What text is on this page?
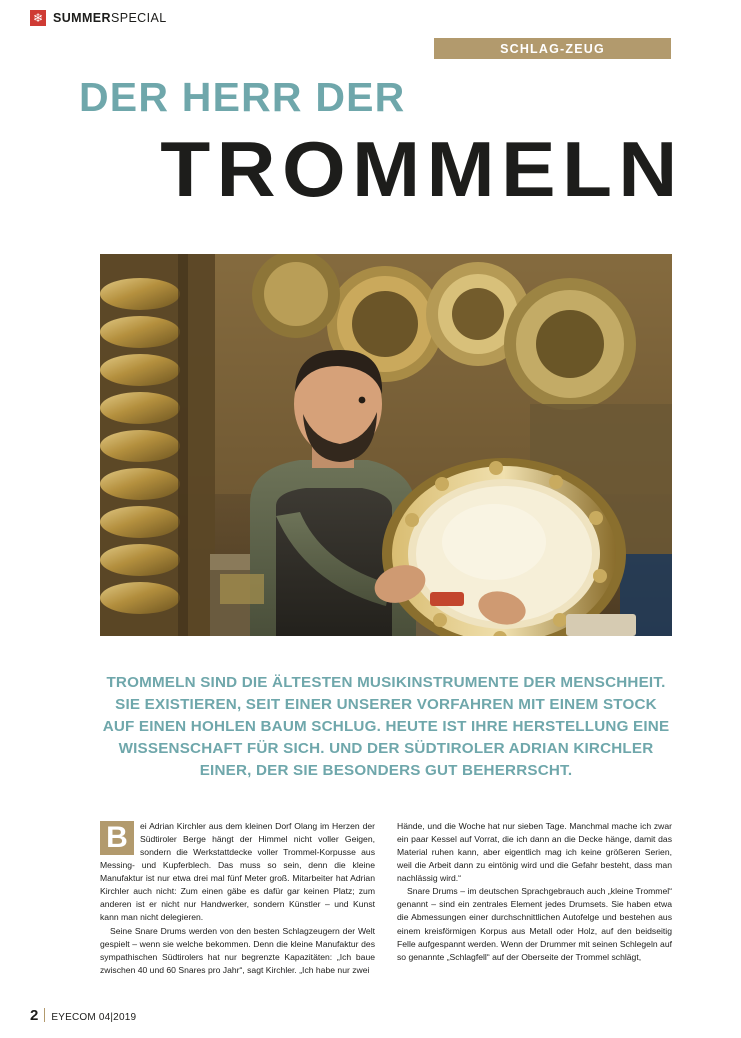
❄ SUMMERSPECIAL
SCHLAG-ZEUG
DER HERR DER
TROMMELN
TROMMELN SIND DIE ÄLTESTEN MUSIKINSTRUMENTE DER MENSCHHEIT. SIE EXISTIEREN, SEIT EINER UNSERER VORFAHREN MIT EINEM STOCK AUF EINEN HOHLEN BAUM SCHLUG. HEUTE IST IHRE HERSTELLUNG EINE WISSENSCHAFT FÜR SICH. UND DER SÜDTIROLER ADRIAN KIRCHLER EINER, DER SIE BESONDERS GUT BEHERRSCHT.
B	ei Adrian Kirchler aus dem kleinen Dorf Olang im Herzen der Südtiroler Berge hängt der Himmel nicht voller Geigen, sondern die Werkstattdecke voller Trommel-Korpusse aus Messing- und Kupferblech. Das muss so sein, denn die kleine Manufaktur ist nur etwa drei mal fünf Meter groß. Mitarbeiter hat Adrian Kirchler auch nicht: Zum einen gäbe es dafür gar keinen Platz; zum anderen ist er nicht nur Handwerker, sondern Künstler – und Kunst kann man nicht delegieren.

Seine Snare Drums werden von den besten Schlagzeugern der Welt gespielt – wenn sie welche bekommen. Denn die kleine Manufaktur des sympathischen Südtirolers hat nur begrenzte Kapazitäten: „Ich baue zwischen 40 und 60 Snares pro Jahr“, sagt Kirchler. „Ich habe nur zwei

Hände, und die Woche hat nur sieben Tage. Manchmal mache ich zwar ein paar Kessel auf Vorrat, die ich dann an die Decke hänge, damit das Material ruhen kann, aber eigentlich mag ich keine größeren Serien, weil die Arbeit dann zu eintönig wird und die Gefahr besteht, dass man nachlässig wird.“

Snare Drums – im deutschen Sprachgebrauch auch „kleine Trommel“ genannt – sind ein zentrales Element jedes Drumsets. Sie haben etwa die Abmessungen einer durchschnittlichen Autofelge und bestehen aus einem kreisförmigen Korpus aus Metall oder Holz, auf den beidseitig Felle aufgespannt werden. Wenn der Drummer mit seinen Schlegeln auf so genannte „Schlagfell“ auf der Oberseite der Trommel schlägt,

2 EYECOM 04|2019
